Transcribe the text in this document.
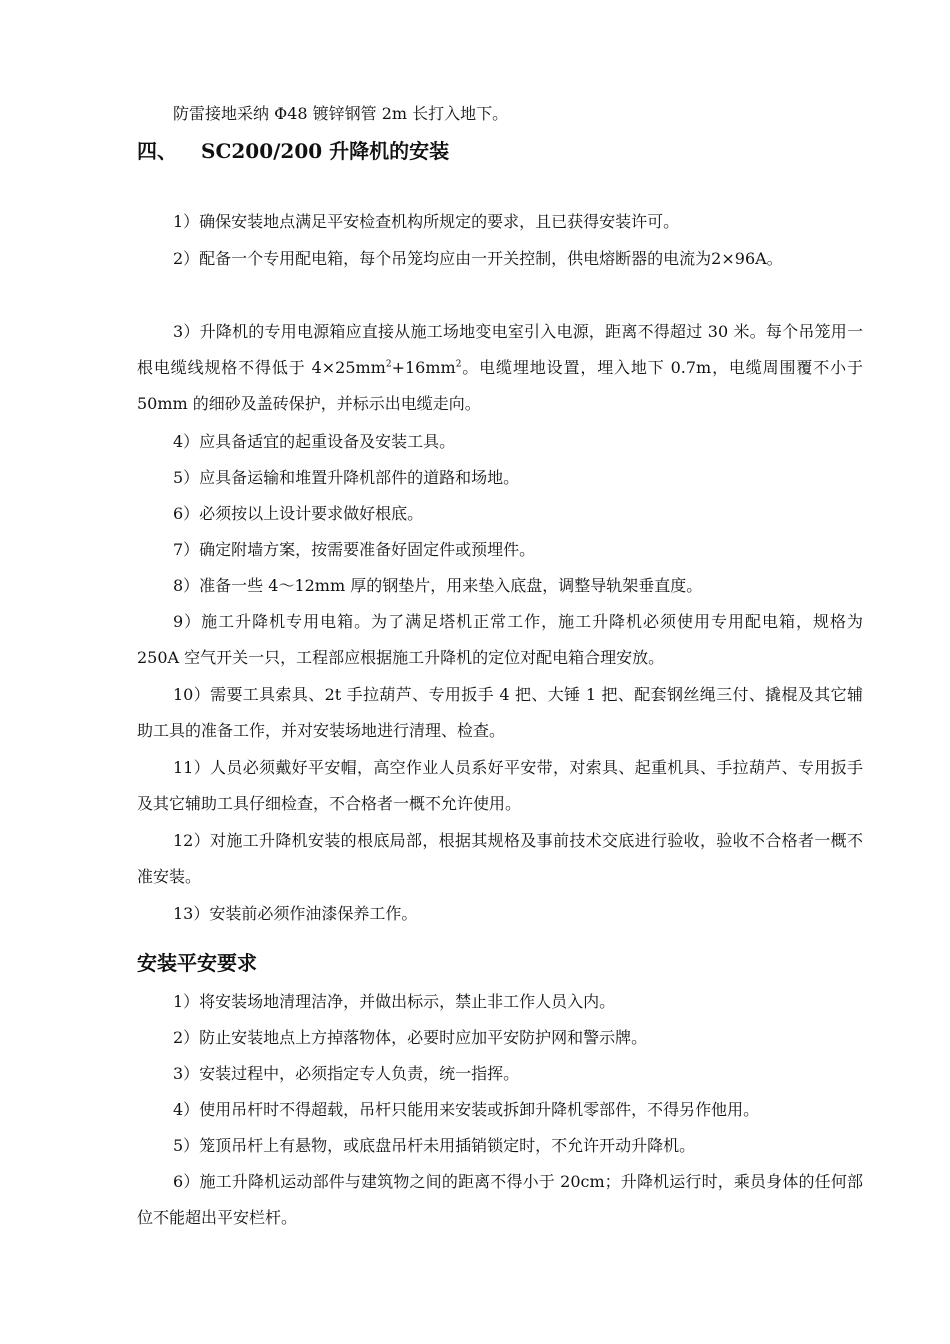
防雷接地采纳 Φ48 镀锌钢管 2m 长打入地下。

四、 SC200/200 升降机的安装

1）确保安装地点满足平安检查机构所规定的要求，且已获得安装许可。

2）配备一个专用配电箱，每个吊笼均应由一开关控制，供电熔断器的电流为2×96A。

3）升降机的专用电源箱应直接从施工场地变电室引入电源，距离不得超过 30 米。每个吊笼用一根电缆线规格不得低于 $4\times 25mm^2+16mm^2$。电缆埋地设置，埋入地下 0.7m，电缆周围覆不小于 50mm 的细砂及盖砖保护，并标示出电缆走向。

4）应具备适宜的起重设备及安装工具。

5）应具备运输和堆置升降机部件的道路和场地。

6）必须按以上设计要求做好根底。

7）确定附墙方案，按需要准备好固定件或预埋件。

8）准备一些 4～12mm 厚的钢垫片，用来垫入底盘，调整导轨架垂直度。

9）施工升降机专用电箱。为了满足塔机正常工作，施工升降机必须使用专用配电箱，规格为 250A 空气开关一只，工程部应根据施工升降机的定位对配电箱合理安放。

10）需要工具索具、2t 手拉葫芦、专用扳手 4 把、大锤 1 把、配套钢丝绳三付、撬棍及其它辅助工具的准备工作，并对安装场地进行清理、检查。

11）人员必须戴好平安帽，高空作业人员系好平安带，对索具、起重机具、手拉葫芦、专用扳手及其它辅助工具仔细检查，不合格者一概不允许使用。

12）对施工升降机安装的根底局部，根据其规格及事前技术交底进行验收，验收不合格者一概不准安装。

13）安装前必须作油漆保养工作。

安装平安要求

1）将安装场地清理洁净，并做出标示，禁止非工作人员入内。

2）防止安装地点上方掉落物体，必要时应加平安防护网和警示牌。

3）安装过程中，必须指定专人负责，统一指挥。

4）使用吊杆时不得超载，吊杆只能用来安装或拆卸升降机零部件，不得另作他用。

5）笼顶吊杆上有悬物，或底盘吊杆未用插销锁定时，不允许开动升降机。

6）施工升降机运动部件与建筑物之间的距离不得小于 20cm；升降机运行时，乘员身体的任何部位不能超出平安栏杆。
